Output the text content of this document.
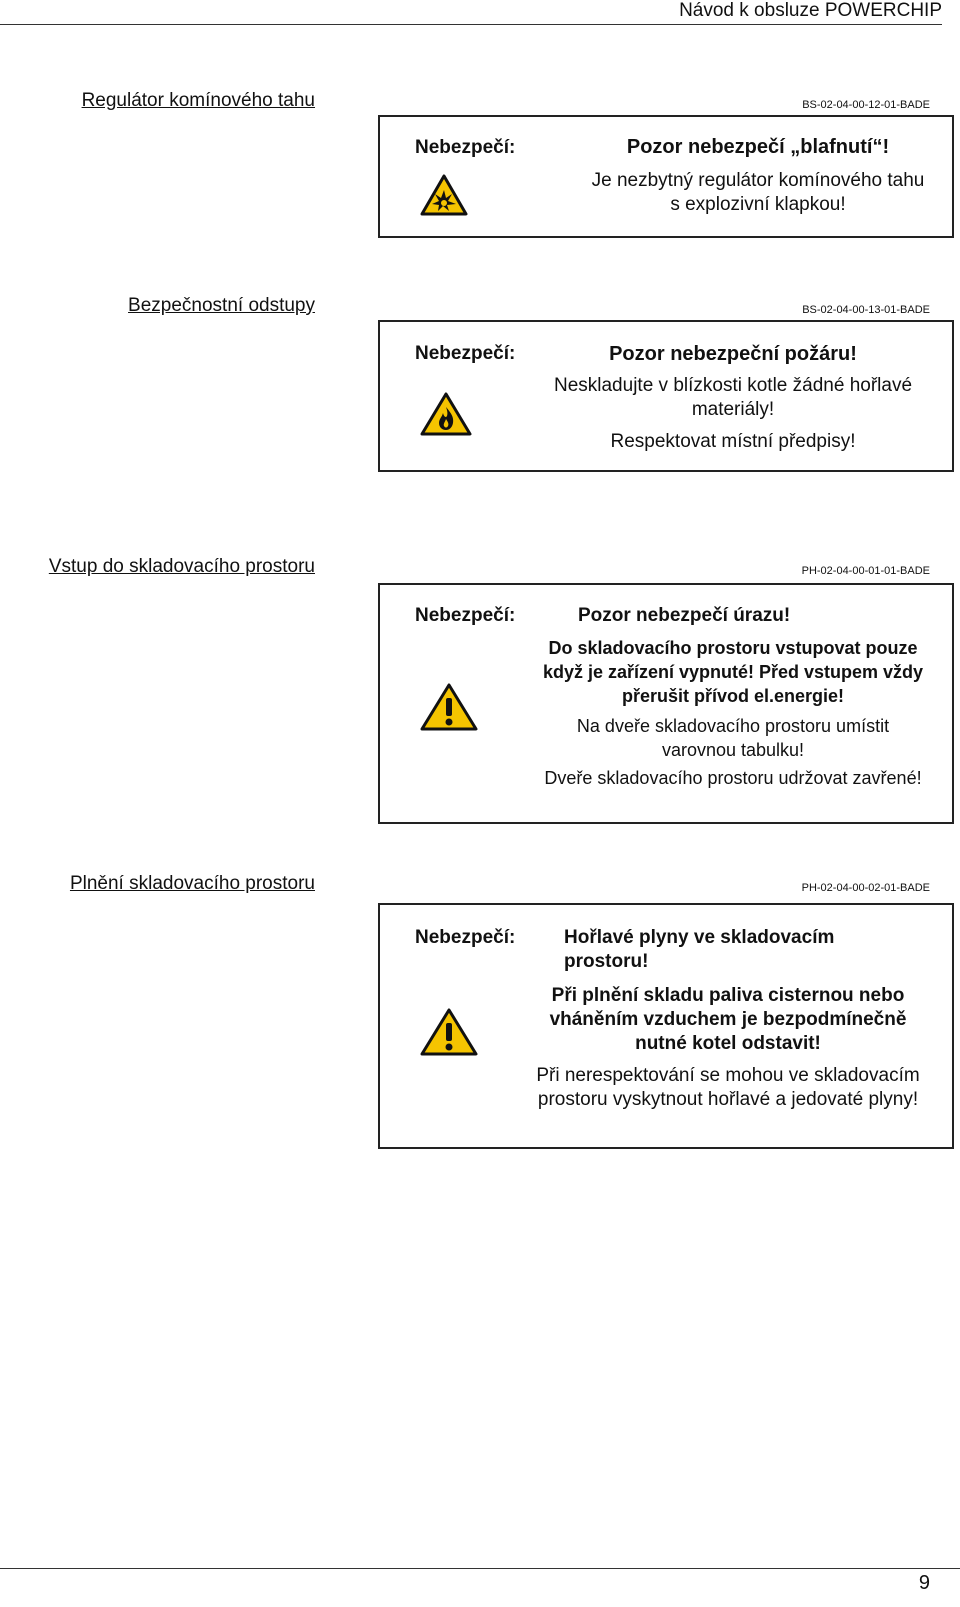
Návod k obsluze POWERCHIP
Regulátor komínového tahu	BS-02-04-00-12-01-BADE
Nebezpečí:	Pozor nebezpečí „blafnutí“!

Je nezbytný regulátor komínového tahu s explozivní klapkou!

Bezpečnostní odstupy	BS-02-04-00-13-01-BADE
Nebezpečí:	Pozor nebezpeční požáru!

Neskladujte v blízkosti kotle žádné hořlavé materiály!

Respektovat místní předpisy!

Vstup do skladovacího prostoru	PH-02-04-00-01-01-BADE
Nebezpečí:	Pozor nebezpečí úrazu!

Do skladovacího prostoru vstupovat pouze když je zařízení vypnuté! Před vstupem vždy přerušit přívod el.energie!

Na dveře skladovacího prostoru umístit varovnou tabulku!

Dveře skladovacího prostoru udržovat zavřené!

Plnění skladovacího prostoru	PH-02-04-00-02-01-BADE
Nebezpečí:	Hořlavé plyny ve skladovacím prostoru!

Při plnění skladu paliva cisternou nebo vháněním vzduchem je bezpodmínečně nutné kotel odstavit!

Při nerespektování se mohou ve skladovacím prostoru vyskytnout hořlavé a jedovaté plyny!

9
